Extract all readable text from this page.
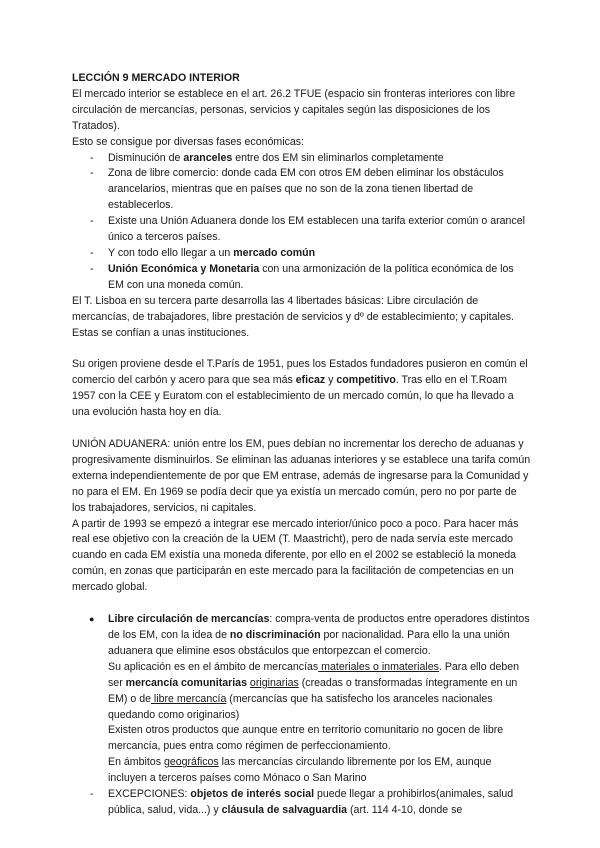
LECCIÓN 9 MERCADO INTERIOR

El mercado interior se establece en el art. 26.2 TFUE (espacio sin fronteras interiores con libre circulación de mercancías, personas, servicios y capitales según las disposiciones de los Tratados).

Esto se consigue por diversas fases económicas:

- Disminución de aranceles entre dos EM sin eliminarlos completamente
- Zona de libre comercio: donde cada EM con otros EM deben eliminar los obstáculos arancelarios, mientras que en países que no son de la zona tienen libertad de establecerlos.
- Existe una Unión Aduanera donde los EM establecen una tarifa exterior común o arancel único a terceros países.
- Y con todo ello llegar a un mercado común
- Unión Económica y Monetaria con una armonización de la política económica de los EM con una moneda común.

El T. Lisboa en su tercera parte desarrolla las 4 libertades básicas: Libre circulación de mercancías, de trabajadores, libre prestación de servicios y dº de establecimiento; y capitales. Estas se confían a unas instituciones.

Su origen proviene desde el T.París de 1951, pues los Estados fundadores pusieron en común el comercio del carbón y acero para que sea más eficaz y competitivo. Tras ello en el T.Roam 1957 con la CEE y Euratom con el establecimiento de un mercado común, lo que ha llevado a una evolución hasta hoy en día.

UNIÓN ADUANERA: unión entre los EM, pues debían no incrementar los derecho de aduanas y progresivamente disminuirlos. Se eliminan las aduanas interiores y se establece una tarifa común externa independientemente de por que EM entrase, además de ingresarse para la Comunidad y no para el EM. En 1969 se podía decir que ya existía un mercado común, pero no por parte de los trabajadores, servicios, ni capitales.

A partir de 1993 se empezó a integrar ese mercado interior/único poco a poco. Para hacer más real ese objetivo con la creación de la UEM (T. Maastricht), pero de nada servía este mercado cuando en cada EM existía una moneda diferente, por ello en el 2002 se estableció la moneda común, en zonas que participarán en este mercado para la facilitación de competencias en un mercado global.

● Libre circulación de mercancías: compra-venta de productos entre operadores distintos de los EM, con la idea de no discriminación por nacionalidad. Para ello la una unión aduanera que elimine esos obstáculos que entorpezcan el comercio.
Su aplicación es en el ámbito de mercancías materiales o inmateriales. Para ello deben ser mercancía comunitarias originarias (creadas o transformadas íntegramente en un EM) o de libre mercancía (mercancías que ha satisfecho los aranceles nacionales quedando como originarios)
Existen otros productos que aunque entre en territorio comunitario no gocen de libre mercancía, pues entra como régimen de perfeccionamiento.
En ámbitos geográficos las mercancías circulando libremente por los EM, aunque incluyen a terceros países como Mónaco o San Marino
- EXCEPCIONES: objetos de interés social puede llegar a prohibirlos(animales, salud pública, salud, vida...) y cláusula de salvaguardia (art. 114 4-10, donde se
